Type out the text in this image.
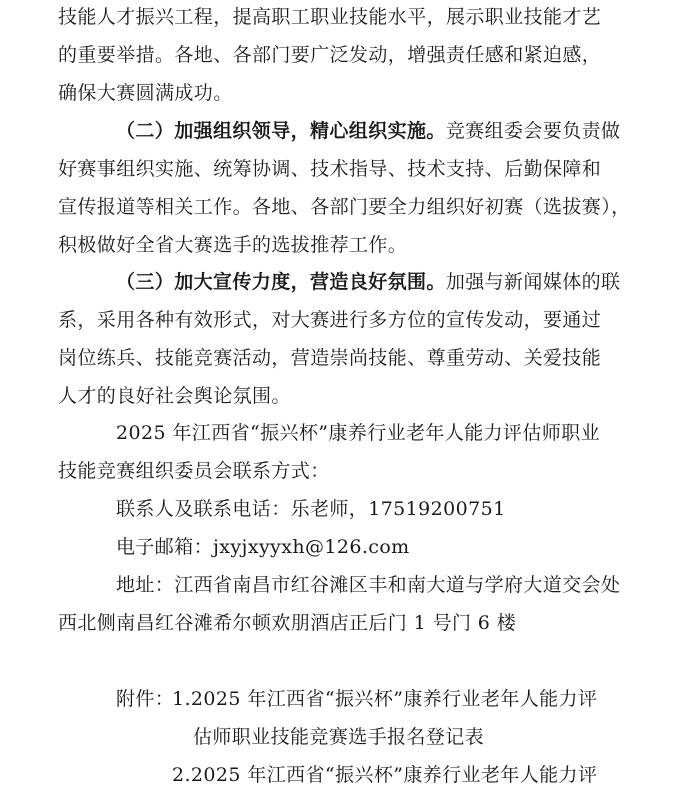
技能人才振兴工程，提高职工职业技能水平，展示职业技能才艺
的重要举措。各地、各部门要广泛发动，增强责任感和紧迫感，
确保大赛圆满成功。
（二）加强组织领导，精心组织实施。竞赛组委会要负责做
好赛事组织实施、统筹协调、技术指导、技术支持、后勤保障和
宣传报道等相关工作。各地、各部门要全力组织好初赛（选拔赛），
积极做好全省大赛选手的选拔推荐工作。
（三）加大宣传力度，营造良好氛围。加强与新闻媒体的联
系，采用各种有效形式，对大赛进行多方位的宣传发动，要通过
岗位练兵、技能竞赛活动，营造崇尚技能、尊重劳动、关爱技能
人才的良好社会舆论氛围。
2025 年江西省“振兴杯”康养行业老年人能力评估师职业
技能竞赛组织委员会联系方式：
联系人及联系电话：乐老师，17519200751
电子邮箱：jxyjxyyxh@126.com
地址：江西省南昌市红谷滩区丰和南大道与学府大道交会处
西北侧南昌红谷滩希尔顿欢朋酒店正后门 1 号门 6 楼
附件：
1.2025 年江西省“振兴杯”康养行业老年人能力评
估师职业技能竞赛选手报名登记表
2.2025 年江西省“振兴杯”康养行业老年人能力评
